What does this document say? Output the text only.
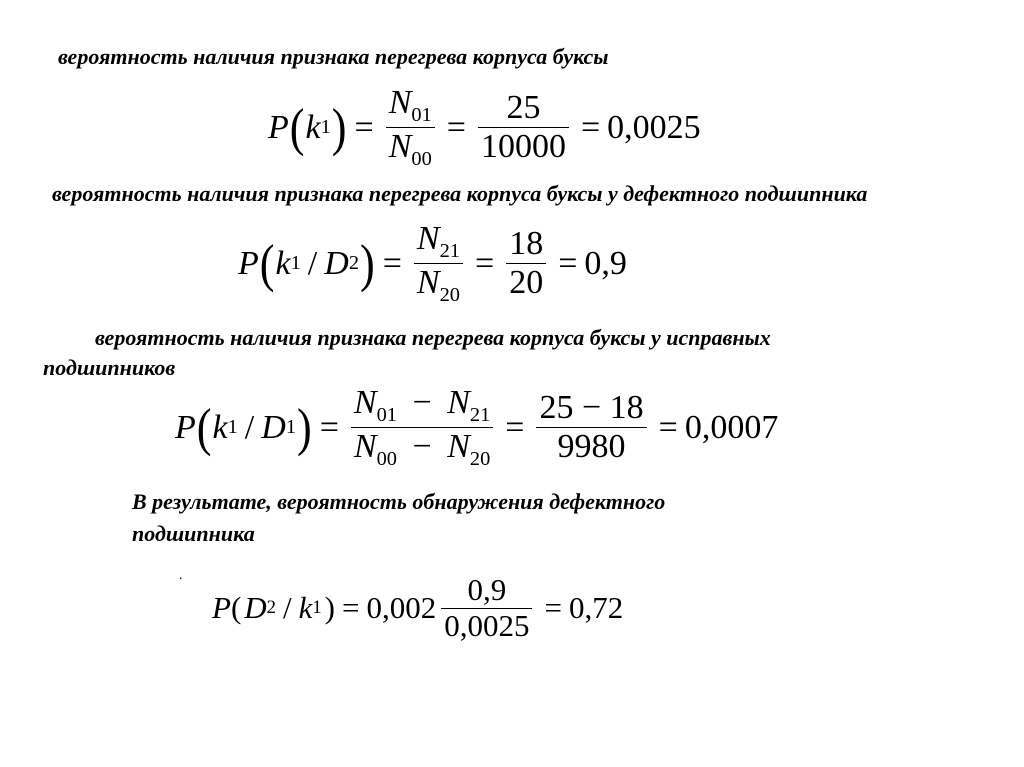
вероятность наличия признака перегрева корпуса буксы
P ( k 1 ) = $\frac{N_{01}}{N_{00}} = \frac{25}{10000} = 0,0025$
вероятность наличия признака перегрева корпуса буксы у дефектного подшипника
P ( k 1 / D 2 ) = $\frac{N_{21}}{N_{20}} = \frac{18}{20} = 0,9$
вероятность наличия признака перегрева корпуса буксы у исправных
подшипников
P ( k 1 / D 1 ) = $\frac{N_{01} - N_{21}}{N_{00} - N_{20}} = \frac{25 - 18}{9980} = 0,0007$
В результате, вероятность обнаружения дефектного
подшипника
.
P ( D 2 / k 1 ) = $0,002 \frac{0,9}{0,0025} = 0,72$
